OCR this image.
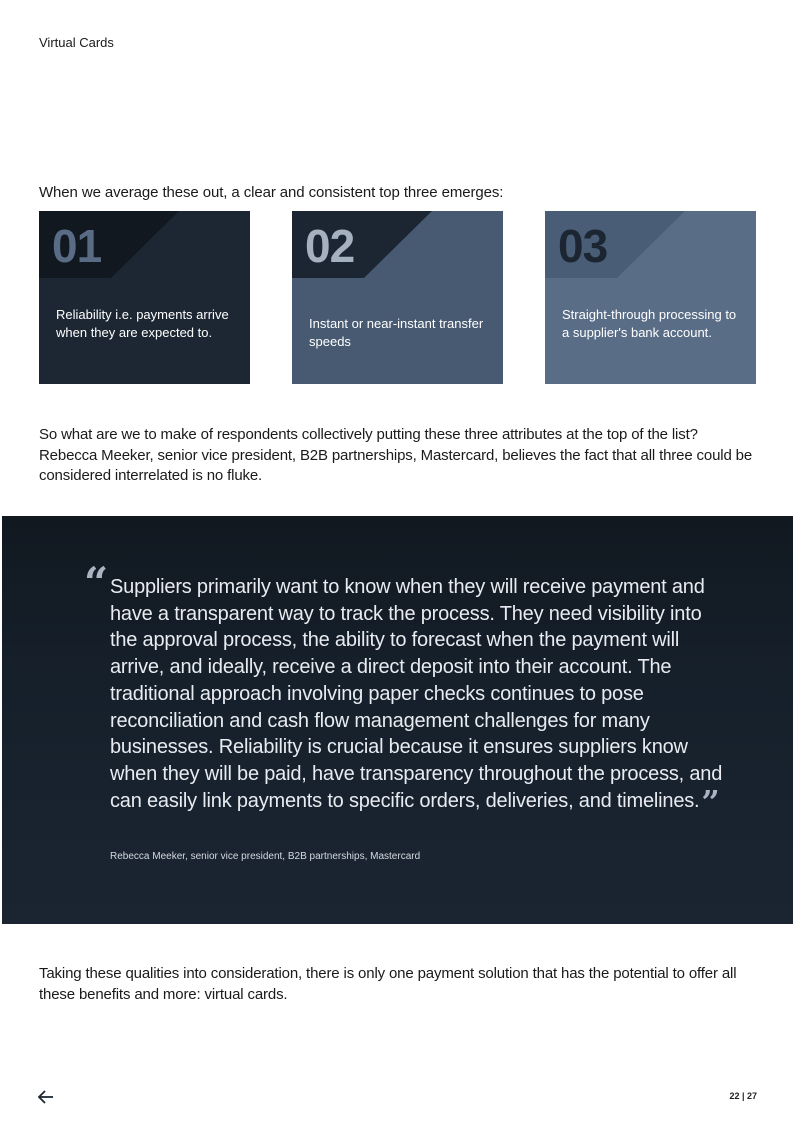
Virtual Cards
When we average these out, a clear and consistent top three emerges:
01
Reliability i.e. payments arrive when they are expected to.
02
Instant or near-instant transfer speeds
03
Straight-through processing to a supplier's bank account.
So what are we to make of respondents collectively putting these three attributes at the top of the list? Rebecca Meeker, senior vice president, B2B partnerships, Mastercard, believes the fact that all three could be considered interrelated is no fluke.
“ Suppliers primarily want to know when they will receive payment and have a transparent way to track the process. They need visibility into the approval process, the ability to forecast when the payment will arrive, and ideally, receive a direct deposit into their account. The traditional approach involving paper checks continues to pose reconciliation and cash flow management challenges for many businesses. Reliability is crucial because it ensures suppliers know when they will be paid, have transparency throughout the process, and can easily link payments to specific orders, deliveries, and timelines.”
Rebecca Meeker, senior vice president, B2B partnerships, Mastercard
Taking these qualities into consideration, there is only one payment solution that has the potential to offer all these benefits and more: virtual cards.
22 | 27
